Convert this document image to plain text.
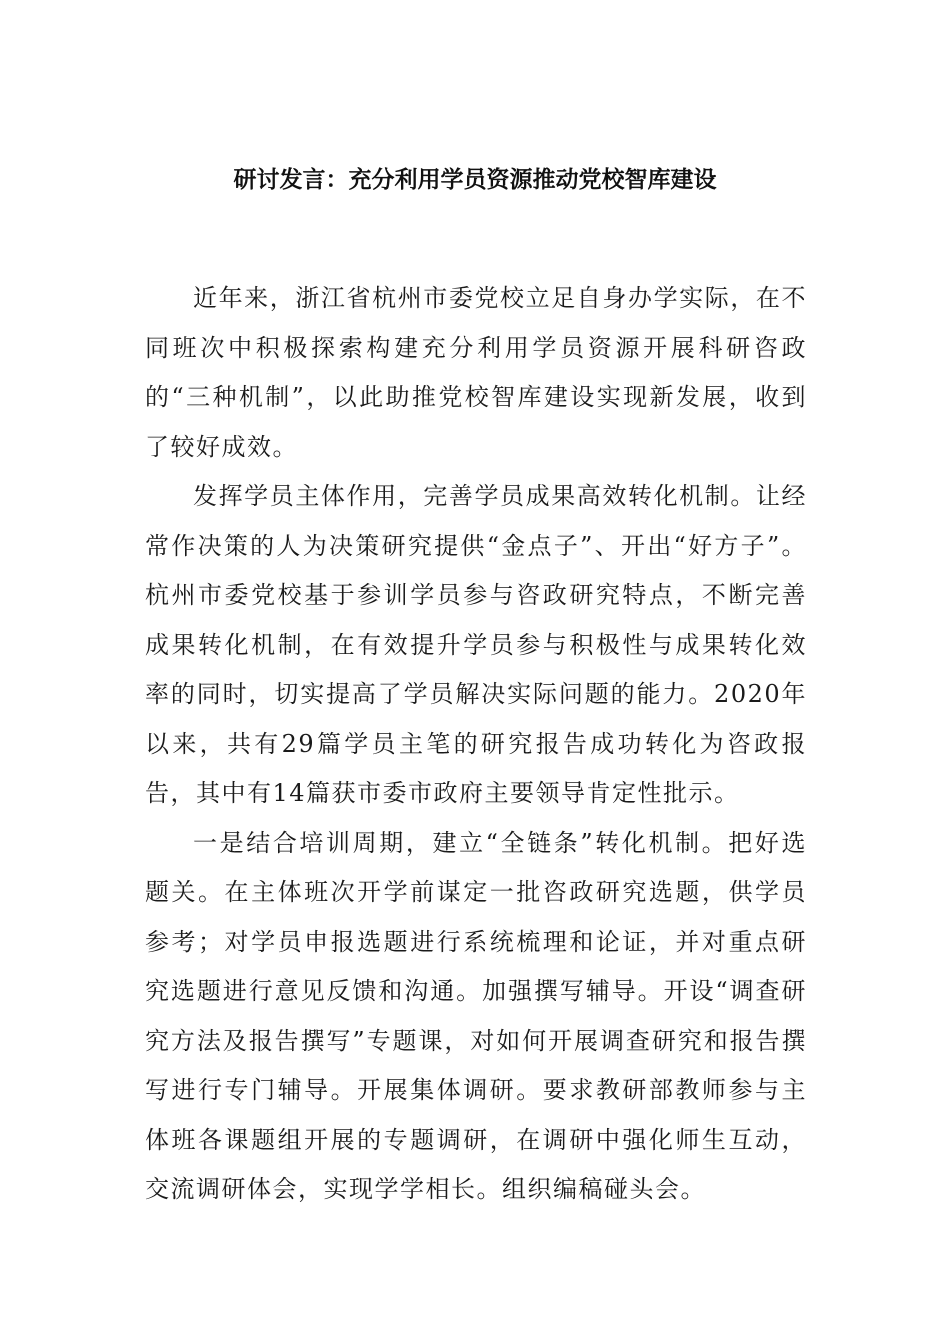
研讨发言：充分利用学员资源推动党校智库建设

近年来，浙江省杭州市委党校立足自身办学实际，在不同班次中积极探索构建充分利用学员资源开展科研咨政的“三种机制”，以此助推党校智库建设实现新发展，收到了较好成效。

发挥学员主体作用，完善学员成果高效转化机制。让经常作决策的人为决策研究提供“金点子”、开出“好方子”。杭州市委党校基于参训学员参与咨政研究特点，不断完善成果转化机制，在有效提升学员参与积极性与成果转化效率的同时，切实提高了学员解决实际问题的能力。2020年以来，共有29篇学员主笔的研究报告成功转化为咨政报告，其中有14篇获市委市政府主要领导肯定性批示。

一是结合培训周期，建立“全链条”转化机制。把好选题关。在主体班次开学前谋定一批咨政研究选题，供学员参考；对学员申报选题进行系统梳理和论证，并对重点研究选题进行意见反馈和沟通。加强撰写辅导。开设“调查研究方法及报告撰写”专题课，对如何开展调查研究和报告撰写进行专门辅导。开展集体调研。要求教研部教师参与主体班各课题组开展的专题调研，在调研中强化师生互动，交流调研体会，实现学学相长。组织编稿碰头会。
